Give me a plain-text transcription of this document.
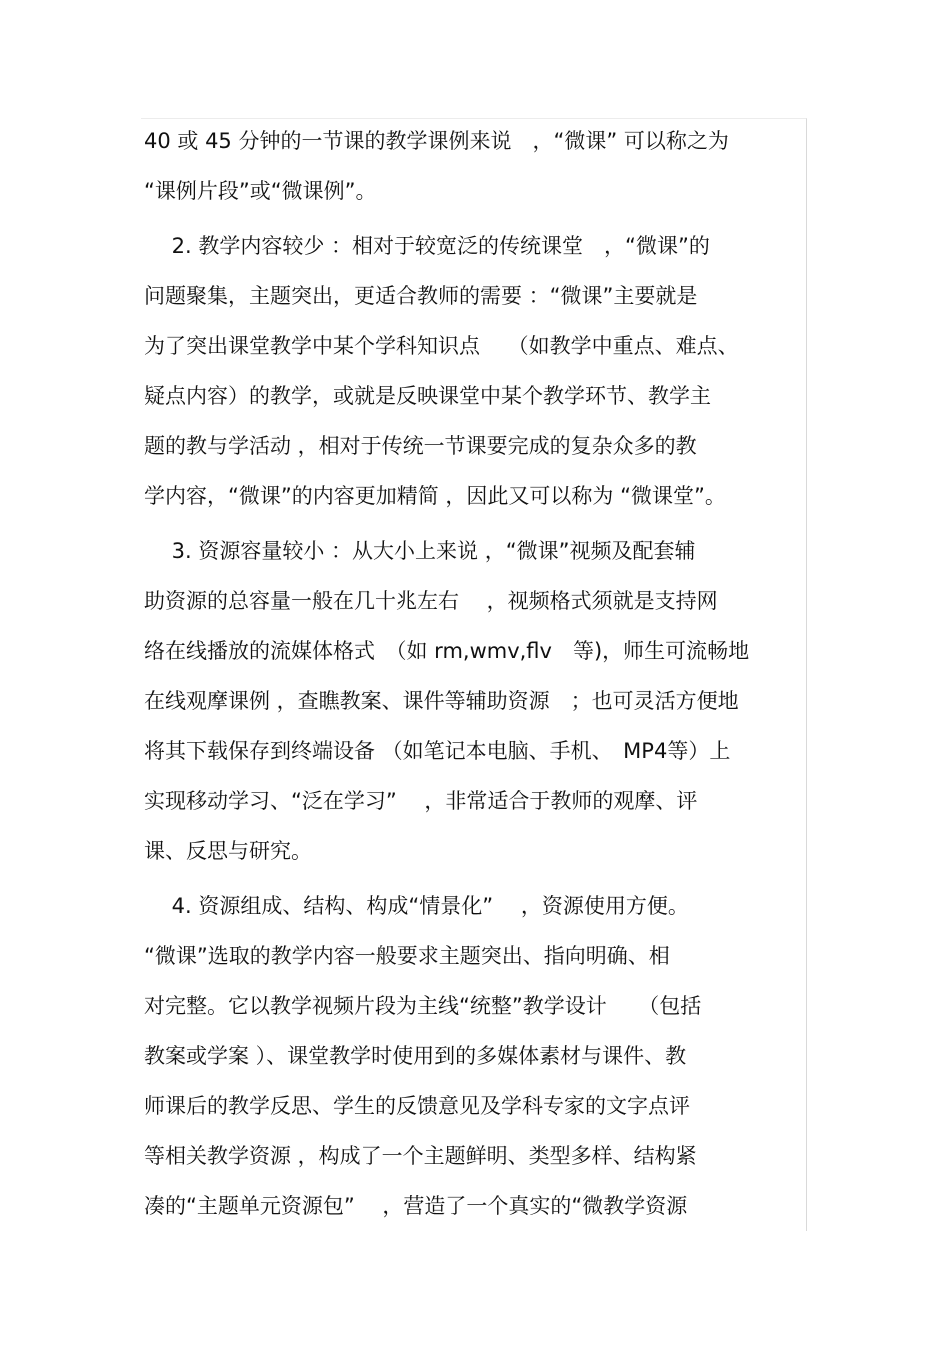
40 或 45 分钟的一节课的教学课例来说　，“微课” 可以称之为
“课例片段”或“微课例”。
　 2. 教学内容较少 ：相对于较宽泛的传统课堂　，“微课”的
问题聚集，主题突出，更适合教师的需要 ：“微课”主要就是
为了突出课堂教学中某个学科知识点　 （如教学中重点、难点、
疑点内容）的教学，或就是反映课堂中某个教学环节、教学主
题的教与学活动 ，相对于传统一节课要完成的复杂众多的教
学内容，“微课”的内容更加精简 ，因此又可以称为 “微课堂”。
　 3. 资源容量较小 ：从大小上来说 ，“微课”视频及配套辅
助资源的总容量一般在几十兆左右　 ，视频格式须就是支持网
络在线播放的流媒体格式　（如 rm,wmv,flv　等)，师生可流畅地
在线观摩课例 ，查瞧教案、课件等辅助资源　；也可灵活方便地
将其下载保存到终端设备 （如笔记本电脑、手机、　MP4等）上
实现移动学习、“泛在学习”　 ，非常适合于教师的观摩、评
课、反思与研究。
　 4. 资源组成、结构、构成“情景化”　 ，资源使用方便。
“微课”选取的教学内容一般要求主题突出、指向明确、相
对完整。它以教学视频片段为主线“统整”教学设计　　（包括
教案或学案 ）、课堂教学时使用到的多媒体素材与课件、教
师课后的教学反思、学生的反馈意见及学科专家的文字点评
等相关教学资源 ，构成了一个主题鲜明、类型多样、结构紧
凑的“主题单元资源包”　 ，营造了一个真实的“微教学资源
